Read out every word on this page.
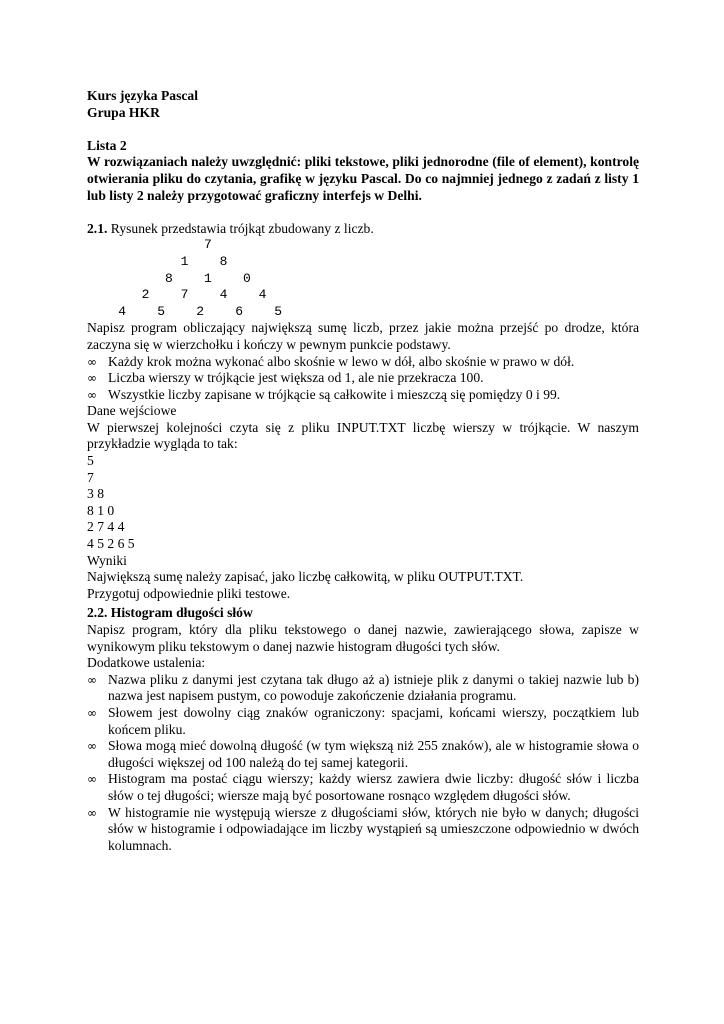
Kurs języka Pascal
Grupa HKR
Lista 2
W rozwiązaniach należy uwzględnić: pliki tekstowe, pliki jednorodne (file of element), kontrolę otwierania pliku do czytania, grafikę w języku Pascal. Do co najmniej jednego z zadań z listy 1 lub listy 2 należy przygotować graficzny interfejs w Delhi.
2.1. Rysunek przedstawia trójkąt zbudowany z liczb.
7
1    8
8    1    0
2    7    4    4
4    5    2    6    5
Napisz program obliczający największą sumę liczb, przez jakie można przejść po drodze, która zaczyna się w wierzchołku i kończy w pewnym punkcie podstawy.
∞ Każdy krok można wykonać albo skośnie w lewo w dół, albo skośnie w prawo w dół.
∞ Liczba wierszy w trójkącie jest większa od 1, ale nie przekracza 100.
∞ Wszystkie liczby zapisane w trójkącie są całkowite i mieszczą się pomiędzy 0 i 99.
Dane wejściowe
W pierwszej kolejności czyta się z pliku INPUT.TXT liczbę wierszy w trójkącie. W naszym przykładzie wygląda to tak:
5
7
3 8
8 1 0
2 7 4 4
4 5 2 6 5
Wyniki
Największą sumę należy zapisać, jako liczbę całkowitą, w pliku OUTPUT.TXT.
Przygotuj odpowiednie pliki testowe.
2.2. Histogram długości słów
Napisz program, który dla pliku tekstowego o danej nazwie, zawierającego słowa, zapisze w wynikowym pliku tekstowym o danej nazwie histogram długości tych słów.
Dodatkowe ustalenia:
∞ Nazwa pliku z danymi jest czytana tak długo aż a) istnieje plik z danymi o takiej nazwie lub b) nazwa jest napisem pustym, co powoduje zakończenie działania programu.
∞ Słowem jest dowolny ciąg znaków ograniczony: spacjami, końcami wierszy, początkiem lub końcem pliku.
∞ Słowa mogą mieć dowolną długość (w tym większą niż 255 znaków), ale w histogramie słowa o długości większej od 100 należą do tej samej kategorii.
∞ Histogram ma postać ciągu wierszy; każdy wiersz zawiera dwie liczby: długość słów i liczba słów o tej długości; wiersze mają być posortowane rosnąco względem długości słów.
∞ W histogramie nie występują wiersze z długościami słów, których nie było w danych; długości słów w histogramie i odpowiadające im liczby wystąpień są umieszczone odpowiednio w dwóch kolumnach.
